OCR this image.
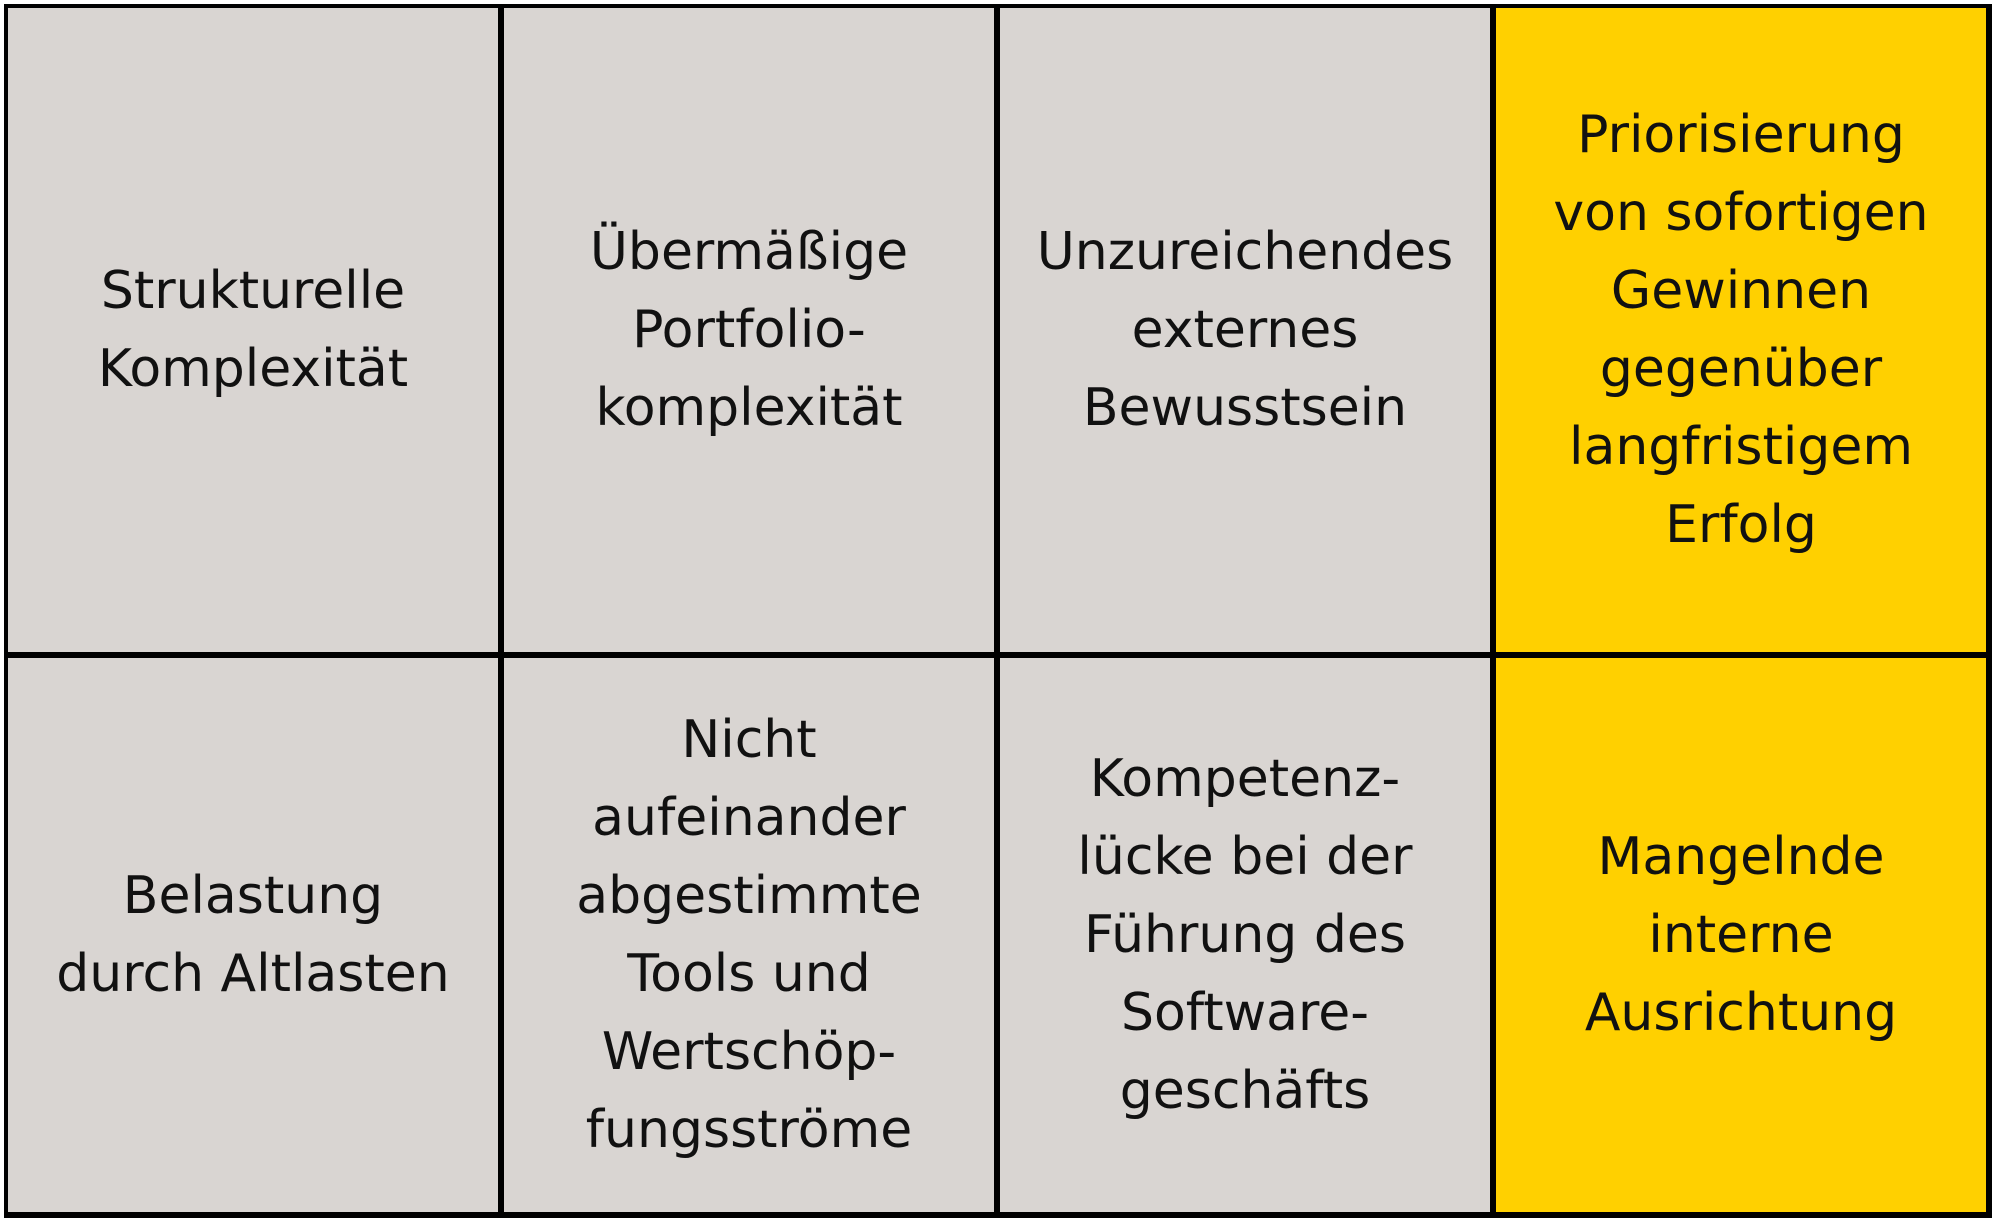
Strukturelle
Komplexität
Übermäßige
Portfolio-
komplexität
Unzureichendes
externes
Bewusstsein
Priorisierung
von sofortigen
Gewinnen
gegenüber
langfristigem
Erfolg
Belastung
durch Altlasten
Nicht
aufeinander
abgestimmte
Tools und
Wertschöp-
fungsströme
Kompetenz-
lücke bei der
Führung des
Software-
geschäfts
Mangelnde
interne
Ausrichtung
